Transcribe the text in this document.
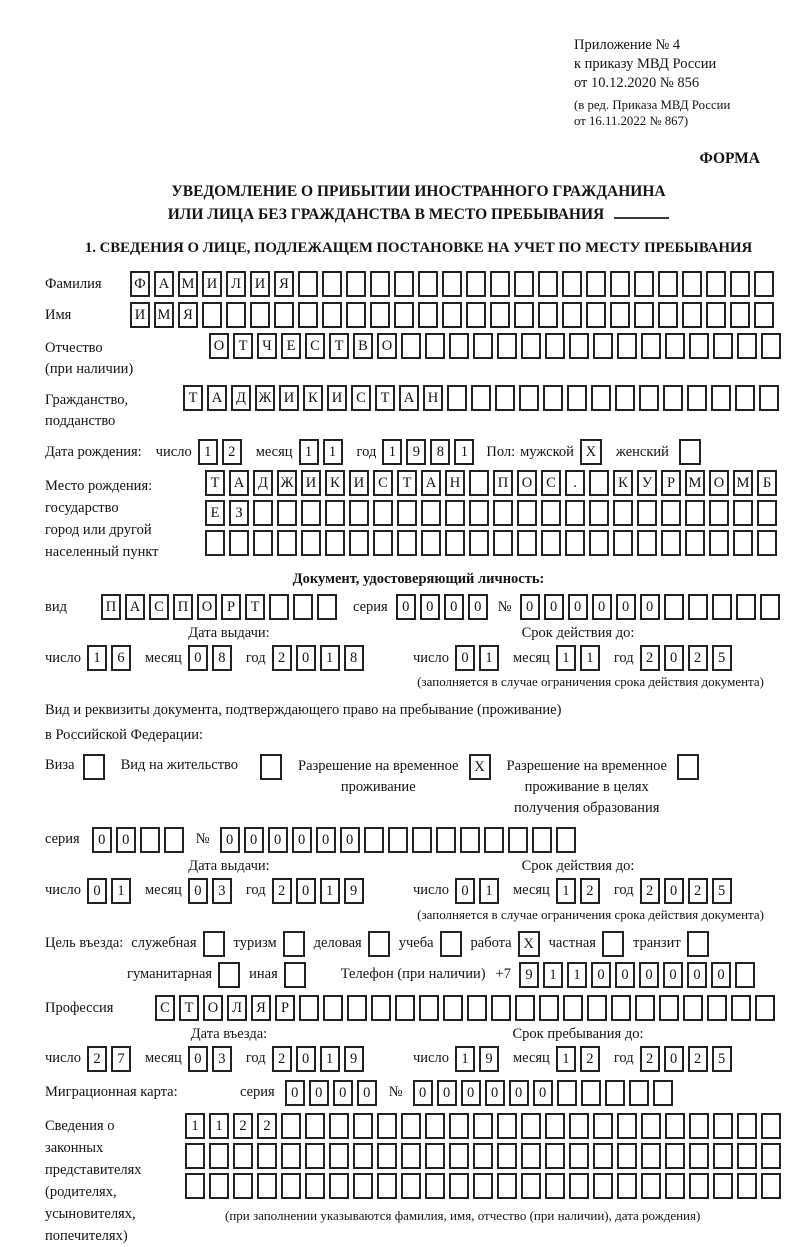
Приложение № 4
к приказу МВД России
от 10.12.2020 № 856
(в ред. Приказа МВД России
от 16.11.2022 № 867)
ФОРМА
УВЕДОМЛЕНИЕ О ПРИБЫТИИ ИНОСТРАННОГО ГРАЖДАНИНА
ИЛИ ЛИЦА БЕЗ ГРАЖДАНСТВА В МЕСТО ПРЕБЫВАНИЯ
1. СВЕДЕНИЯ О ЛИЦЕ, ПОДЛЕЖАЩЕМ ПОСТАНОВКЕ НА УЧЕТ ПО МЕСТУ ПРЕБЫВАНИЯ
Фамилия	Ф А М И Л И Я
Имя	И М Я
Отчество
(при наличии)
О Т	Ч	Е	С	Т	В О
Гражданство,
подданство
Т А Д Ж И К И С	Т А Н
Дата рождения: число 1	2	месяц 1	1	год 1	9	8	1	Пол: мужской X	женский
Место рождения:
государство
город или другой
населенный пункт
Т А Д Ж И К И С	Т А Н	П О С	.	К У	Р М О М Б
Е	З
Документ, удостоверяющий личность:
вид	П А С П О	Р	Т	серия 0	0	0	0	№ 0	0	0	0	0	0
Дата выдачи:
число 1	6	месяц 0	8	год 2	0	1	8
Срок действия до:
число 0	1	месяц 1	1	год 2	0	2	5
(заполняется в случае ограничения срока действия документа)
Вид и реквизиты документа, подтверждающего право на пребывание (проживание)
в Российской Федерации:
Виза	Вид на жительство	Разрешение на временное
проживание
X	Разрешение на временное
проживание в целях
получения образования
серия	0	0	№	0	0	0	0	0	0
Дата выдачи:
число 0	1	месяц 0	3	год 2	0	1	9
Срок действия до:
число 0	1	месяц 1	2	год 2	0	2	5
(заполняется в случае ограничения срока действия документа)
Цель въезда: служебная	туризм	деловая	учеба	работа X	частная	транзит
гуманитарная	иная	Телефон (при наличии) +7 9	1	1	0	0	0	0	0	0
Профессия	С	Т О Л Я	Р
Дата въезда:
число 2	7	месяц 0	3	год 2	0	1	9
Срок пребывания до:
число 1	9	месяц 1	2	год 2	0	2	5
Миграционная карта:	серия	0	0	0	0	№	0	0	0	0	0	0
Сведения о
законных
представителях
(родителях,
усыновителях,
попечителях)
1	1	2	2
(при заполнении указываются фамилия, имя, отчество (при наличии), дата рождения)
